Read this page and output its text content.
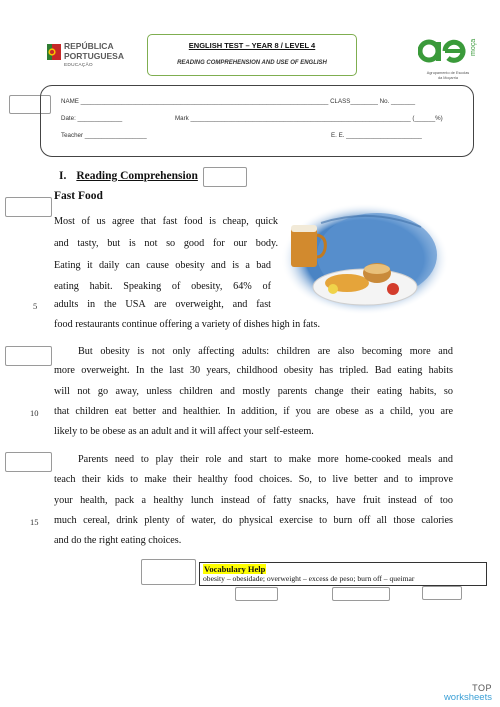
REPÚBLICA
PORTUGUESA
EDUCAÇÃO
ENGLISH TEST – YEAR 8 / LEVEL 4
READING COMPREHENSION AND USE OF ENGLISH
moça
Agrupamento de Escolas
da Moçarria
NAME ________________________________________________________________________ CLASS________ No. _______
Date: _____________	Mark ________________________________________________________________ (______%)
Teacher __________________	E. E. ______________________
I. Reading Comprehension
Fast Food
Most of us agree that fast food is cheap, quick
and tasty, but is not so good for our body.
Eating it daily can cause obesity and is a bad
eating habit. Speaking of obesity, 64% of
adults in the USA are overweight, and fast
5
food restaurants continue offering a variety of dishes high in fats.
But obesity is not only affecting adults: children are also becoming more and
more overweight. In the last 30 years, childhood obesity has tripled. Bad eating habits
will not go away, unless children and mostly parents change their eating habits, so
that children eat better and healthier. In addition, if you are obese as a child, you are
10
likely to be obese as an adult and it will affect your self-esteem.
Parents need to play their role and start to make more home-cooked meals and
teach their kids to make their healthy food choices. So, to live better and to improve
your health, pack a healthy lunch instead of fatty snacks, have fruit instead of too
much cereal, drink plenty of water, do physical exercise to burn off all those calories
15
and do the right eating choices.
Vocabulary Help
obesity – obesidade; overweight – excess de peso; burn off – queimar
TOP
worksheets
